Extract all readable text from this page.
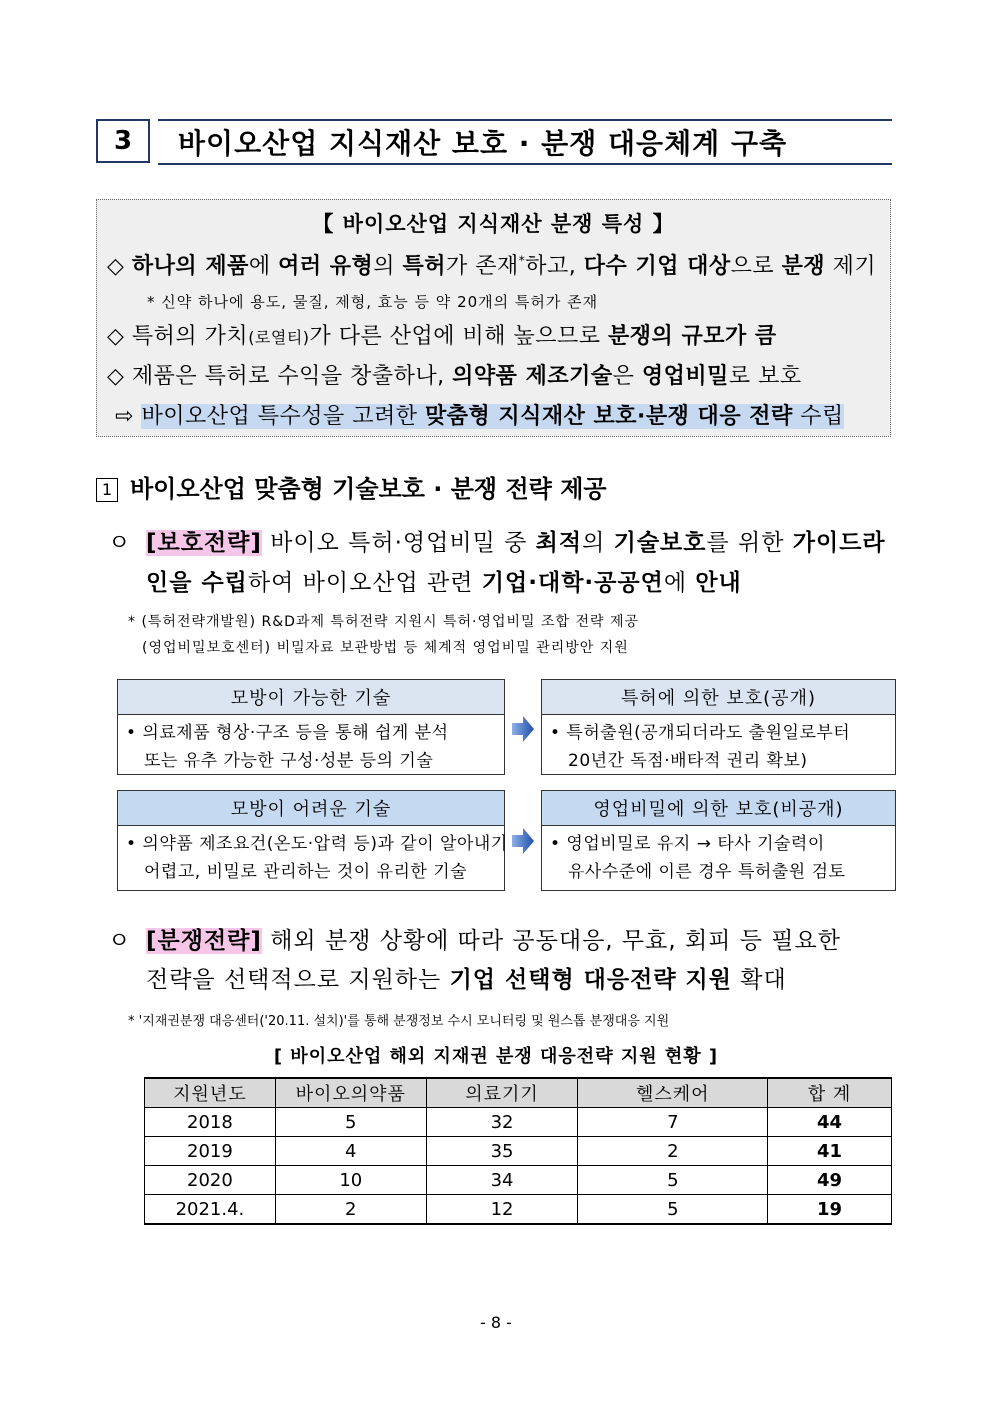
3 바이오산업 지식재산 보호 · 분쟁 대응체계 구축
【 바이오산업 지식재산 분쟁 특성 】
◇ 하나의 제품에 여러 유형의 특허가 존재*하고, 다수 기업 대상으로 분쟁 제기
* 신약 하나에 용도, 물질, 제형, 효능 등 약 20개의 특허가 존재
◇ 특허의 가치(로열티)가 다른 산업에 비해 높으므로 분쟁의 규모가 큼
◇ 제품은 특허로 수익을 창출하나, 의약품 제조기술은 영업비밀로 보호
⇨ 바이오산업 특수성을 고려한 맞춤형 지식재산 보호·분쟁 대응 전략 수립
1 바이오산업 맞춤형 기술보호 · 분쟁 전략 제공
ㅇ [보호전략] 바이오 특허·영업비밀 중 최적의 기술보호를 위한 가이드라
인을 수립하여 바이오산업 관련 기업·대학·공공연에 안내
* (특허전략개발원) R&D과제 특허전략 지원시 특허·영업비밀 조합 전략 제공
(영업비밀보호센터) 비밀자료 보관방법 등 체계적 영업비밀 관리방안 지원
모방이 가능한 기술
• 의료제품 형상·구조 등을 통해 쉽게 분석
또는 유추 가능한 구성·성분 등의 기술
특허에 의한 보호(공개)
• 특허출원(공개되더라도 출원일로부터
20년간 독점·배타적 권리 확보)
모방이 어려운 기술
• 의약품 제조요건(온도·압력 등)과 같이 알아내기
어렵고, 비밀로 관리하는 것이 유리한 기술
영업비밀에 의한 보호(비공개)
• 영업비밀로 유지 → 타사 기술력이
유사수준에 이른 경우 특허출원 검토
ㅇ [분쟁전략] 해외 분쟁 상황에 따라 공동대응, 무효, 회피 등 필요한
전략을 선택적으로 지원하는 기업 선택형 대응전략 지원 확대
* '지재권분쟁 대응센터('20.11. 설치)'를 통해 분쟁정보 수시 모니터링 및 원스톱 분쟁대응 지원
[ 바이오산업 해외 지재권 분쟁 대응전략 지원 현황 ]
지원년도	바이오의약품	의료기기	헬스케어	합 계
2018	5	32	7	44
2019	4	35	2	41
2020	10	34	5	49
2021.4.	2	12	5	19
- 8 -
